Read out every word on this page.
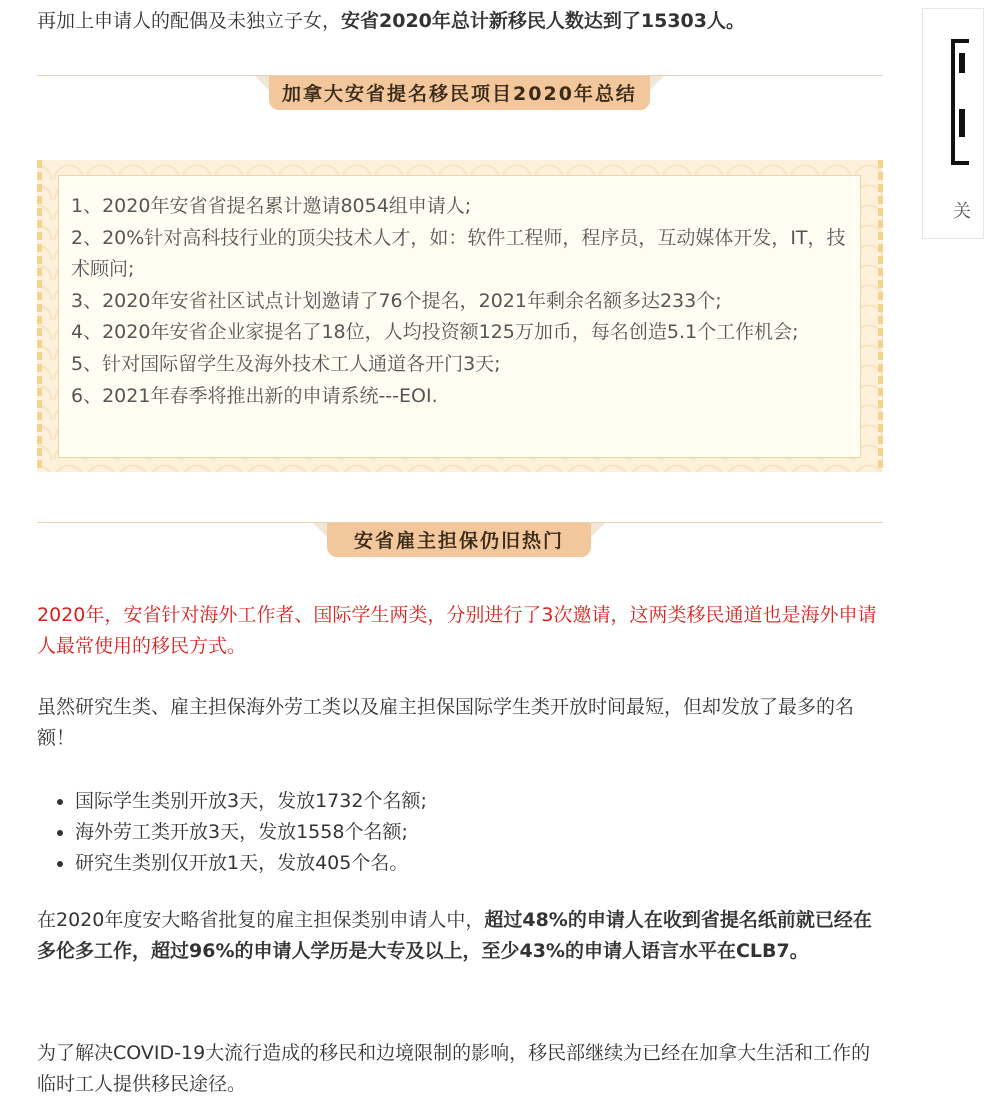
再加上申请人的配偶及未独立子女，安省2020年总计新移民人数达到了15303人。

加拿大安省提名移民项目2020年总结
1、2020年安省省提名累计邀请8054组申请人;
2、20%针对高科技行业的顶尖技术人才，如：软件工程师，程序员，互动媒体开发，IT，技术顾问;
3、2020年安省社区试点计划邀请了76个提名，2021年剩余名额多达233个;
4、2020年安省企业家提名了18位，人均投资额125万加币，每名创造5.1个工作机会;
5、针对国际留学生及海外技术工人通道各开门3天;
6、2021年春季将推出新的申请系统---EOI.
安省雇主担保仍旧热门

2020年，安省针对海外工作者、国际学生两类，分别进行了3次邀请，这两类移民通道也是海外申请人最常使用的移民方式。

虽然研究生类、雇主担保海外劳工类以及雇主担保国际学生类开放时间最短，但却发放了最多的名额！

• 国际学生类别开放3天，发放1732个名额;
• 海外劳工类开放3天，发放1558个名额;
• 研究生类别仅开放1天，发放405个名。

在2020年度安大略省批复的雇主担保类别申请人中，超过48%的申请人在收到省提名纸前就已经在多伦多工作，超过96%的申请人学历是大专及以上，至少43%的申请人语言水平在CLB7。

为了解决COVID-19大流行造成的移民和边境限制的影响，移民部继续为已经在加拿大生活和工作的临时工人提供移民途径。

关
